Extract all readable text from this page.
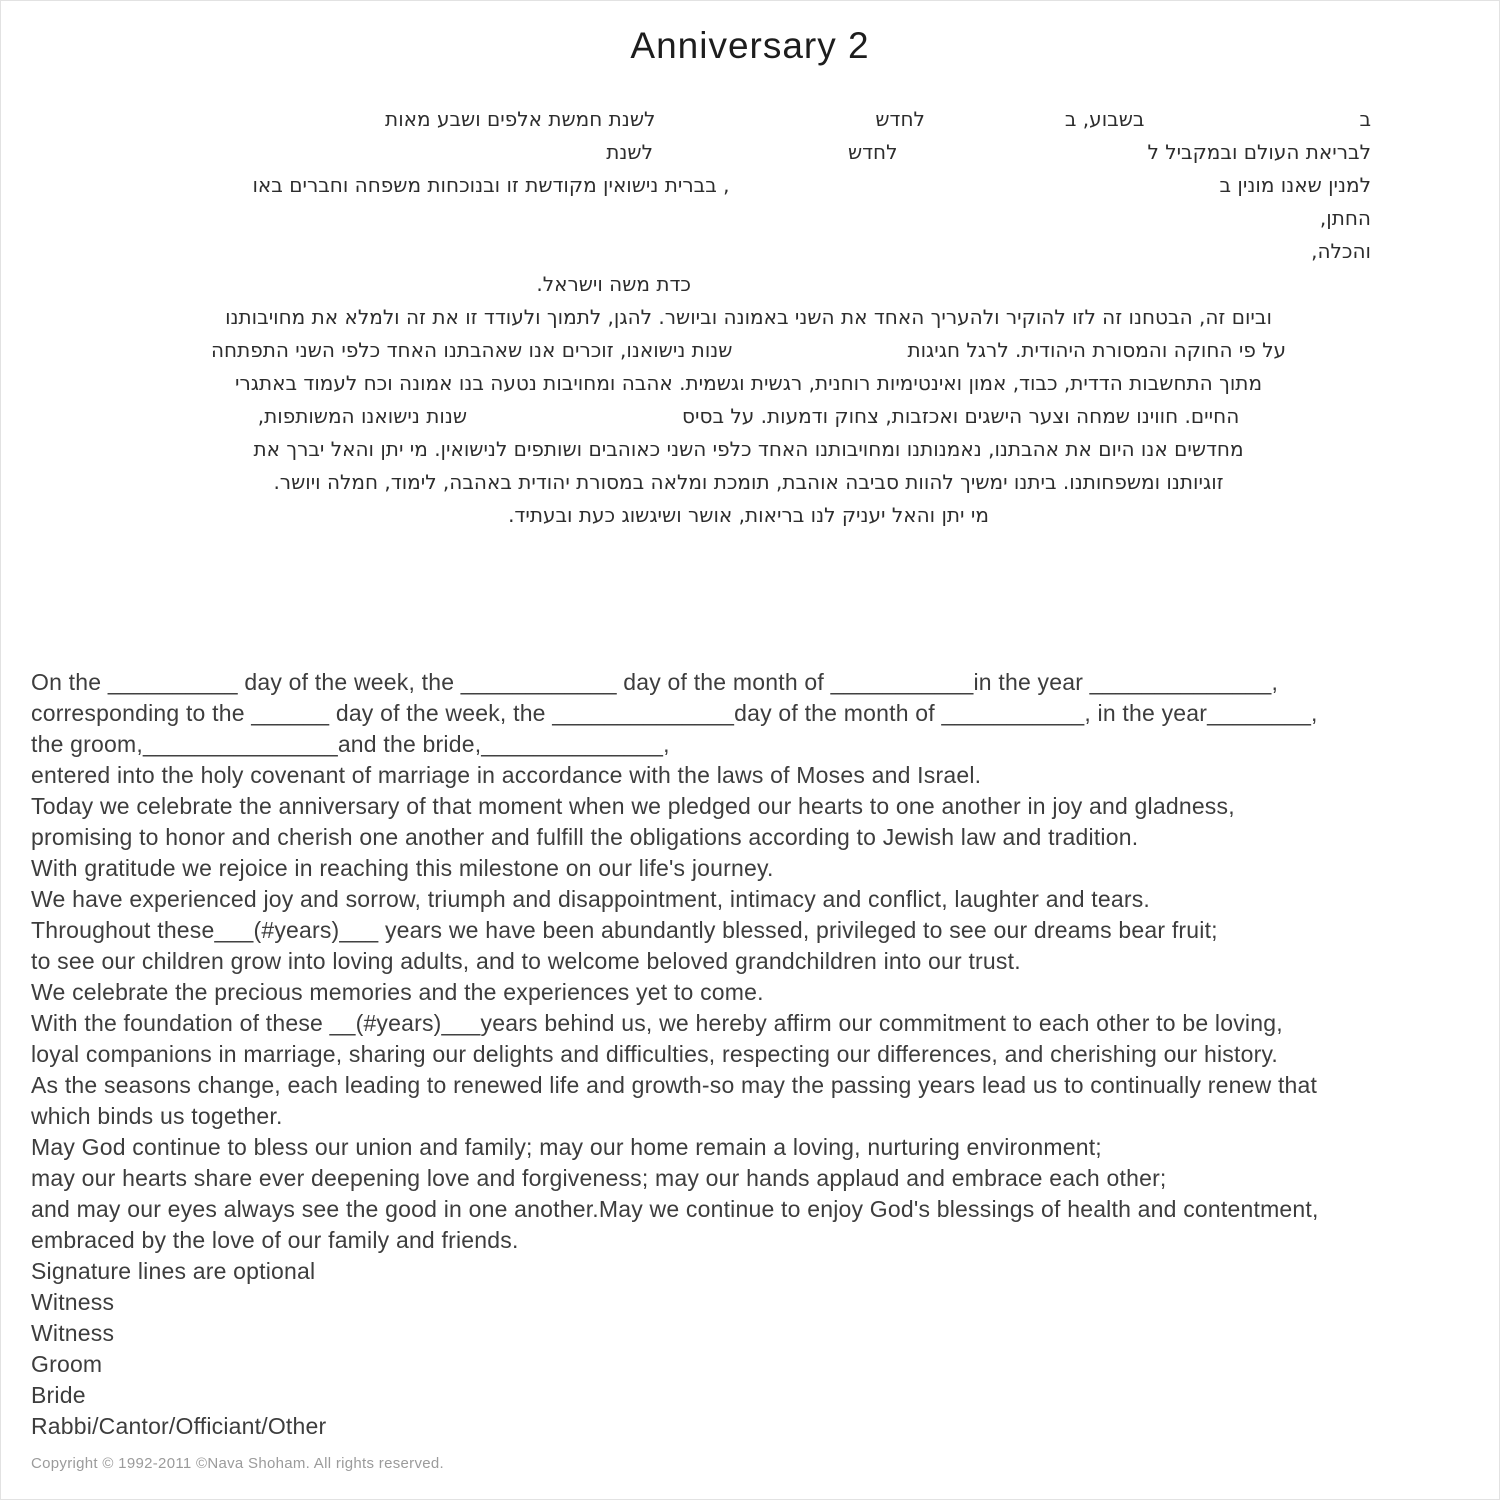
Anniversary 2
ב
בשבוע, ב
לחדש
לשנת חמשת אלפים ושבע מאות
לבריאת העולם ובמקביל ל
לחדש
לשנת
למנין שאנו מונין ב
, בברית נישואין מקודשת זו ובנוכחות משפחה וחברים באו
החתן,
והכלה,
כדת משה וישראל.
וביום זה, הבטחנו זה לזו להוקיר ולהעריך האחד את השני באמונה וביושר. להגן, לתמוך ולעודד זו את זה ולמלא את מחויבותנו
על פי החוקה והמסורת היהודית. לרגל חגיגות
שנות נישואנו, זוכרים אנו שאהבתנו האחד כלפי השני התפתחה
מתוך התחשבות הדדית, כבוד, אמון ואינטימיות רוחנית, רגשית וגשמית. אהבה ומחויבות נטעה בנו אמונה וכח לעמוד באתגרי
החיים. חווינו שמחה וצער הישגים ואכזבות, צחוק ודמעות. על בסיס
שנות נישואנו המשותפות,
מחדשים אנו היום את אהבתנו, נאמנותנו ומחויבותנו האחד כלפי השני כאוהבים ושותפים לנישואין. מי יתן והאל יברך את
זוגיותנו ומשפחותנו. ביתנו ימשיך להוות סביבה אוהבת, תומכת ומלאה במסורת יהודית באהבה, לימוד, חמלה ויושר.
מי יתן והאל יעניק לנו בריאות, אושר ושיגשוג כעת ובעתיד.
On the __________ day of the week, the ____________ day of the month of ___________in the year ______________,
corresponding to the ______ day of the week, the ______________day of the month of ___________, in the year________,
the groom,_______________and the bride,______________,
entered into the holy covenant of marriage in accordance with the laws of Moses and Israel.
Today we celebrate the anniversary of that moment when we pledged our hearts to one another in joy and gladness,
promising to honor and cherish one another and fulfill the obligations according to Jewish law and tradition.
With gratitude we rejoice in reaching this milestone on our life's journey.
We have experienced joy and sorrow, triumph and disappointment, intimacy and conflict, laughter and tears.
Throughout these___(#years)___ years we have been abundantly blessed, privileged to see our dreams bear fruit;
to see our children grow into loving adults, and to welcome beloved grandchildren into our trust.
We celebrate the precious memories and the experiences yet to come.
With the foundation of these __(#years)___years behind us, we hereby affirm our commitment to each other to be loving,
loyal companions in marriage, sharing our delights and difficulties, respecting our differences, and cherishing our history.
As the seasons change, each leading to renewed life and growth-so may the passing years lead us to continually renew that
which binds us together.
May God continue to bless our union and family; may our home remain a loving, nurturing environment;
may our hearts share ever deepening love and forgiveness; may our hands applaud and embrace each other;
and may our eyes always see the good in one another.May we continue to enjoy God's blessings of health and contentment,
embraced by the love of our family and friends.
Signature lines are optional
Witness
Witness
Groom
Bride
Rabbi/Cantor/Officiant/Other
Copyright © 1992-2011 ©Nava Shoham. All rights reserved.
